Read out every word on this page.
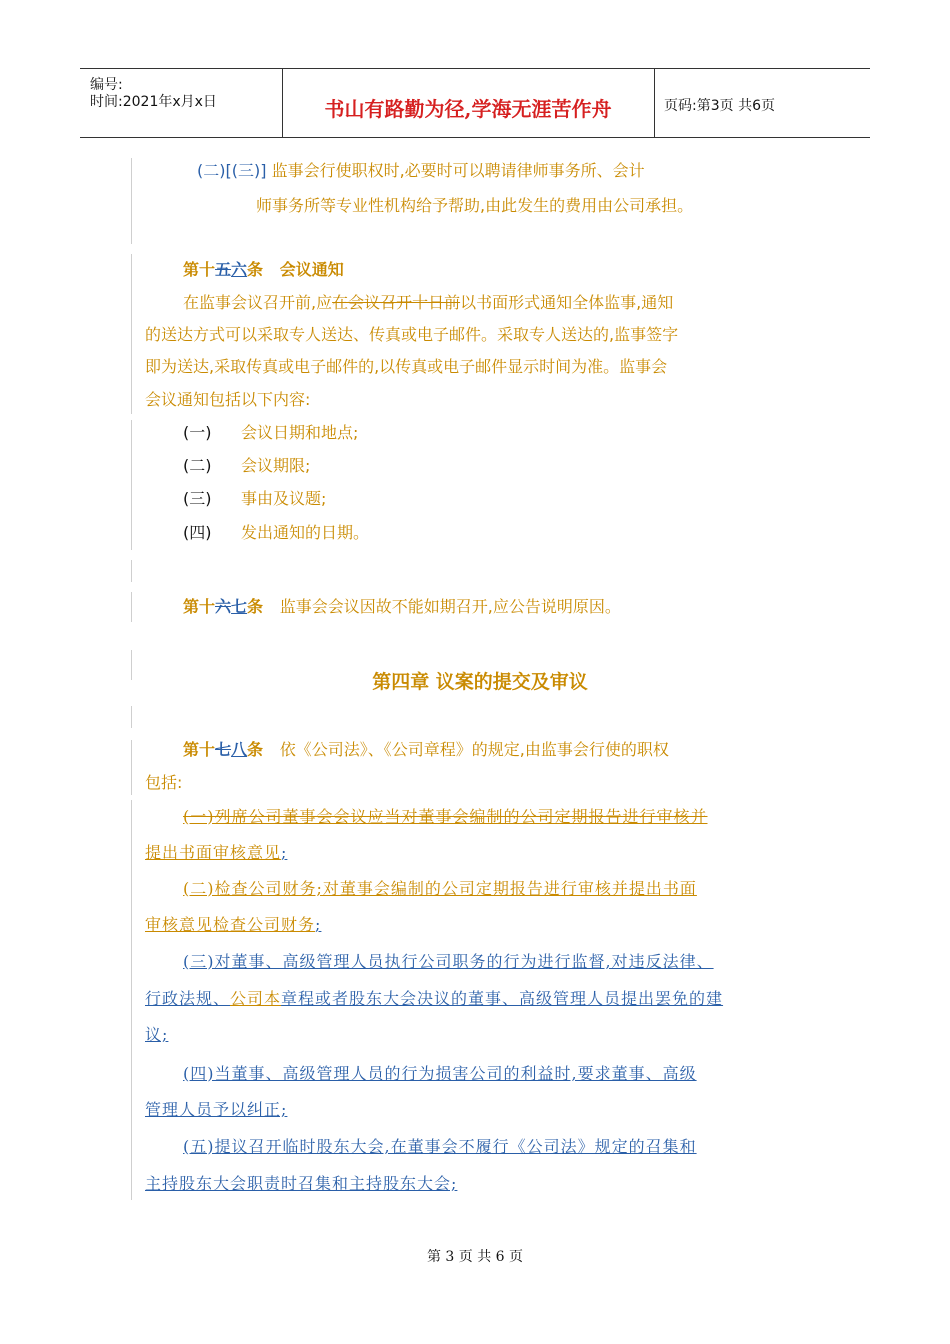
编号:
时间:2021年x月x日	书山有路勤为径,学海无涯苦作舟	页码:第3页 共6页
(二)[(三)] 监事会行使职权时,必要时可以聘请律师事务所、会计
师事务所等专业性机构给予帮助,由此发生的费用由公司承担。
第十五六条 会议通知
在监事会议召开前,应在会议召开十日前以书面形式通知全体监事,通知
的送达方式可以采取专人送达、传真或电子邮件。采取专人送达的,监事签字
即为送达,采取传真或电子邮件的,以传真或电子邮件显示时间为准。监事会
会议通知包括以下内容:
(一) 会议日期和地点;
(二) 会议期限;
(三) 事由及议题;
(四) 发出通知的日期。
第十六七条 监事会会议因故不能如期召开,应公告说明原因。
第四章 议案的提交及审议
第十七八条 依《公司法》、《公司章程》的规定,由监事会行使的职权
包括:
(一)列席公司董事会会议应当对董事会编制的公司定期报告进行审核并
提出书面审核意见;
(二)检查公司财务;对董事会编制的公司定期报告进行审核并提出书面
审核意见检查公司财务;
(三)对董事、高级管理人员执行公司职务的行为进行监督,对违反法律、
行政法规、公司本章程或者股东大会决议的董事、高级管理人员提出罢免的建
议;
(四)当董事、高级管理人员的行为损害公司的利益时,要求董事、高级
管理人员予以纠正;
(五)提议召开临时股东大会,在董事会不履行《公司法》规定的召集和
主持股东大会职责时召集和主持股东大会;
第 3 页 共 6 页
